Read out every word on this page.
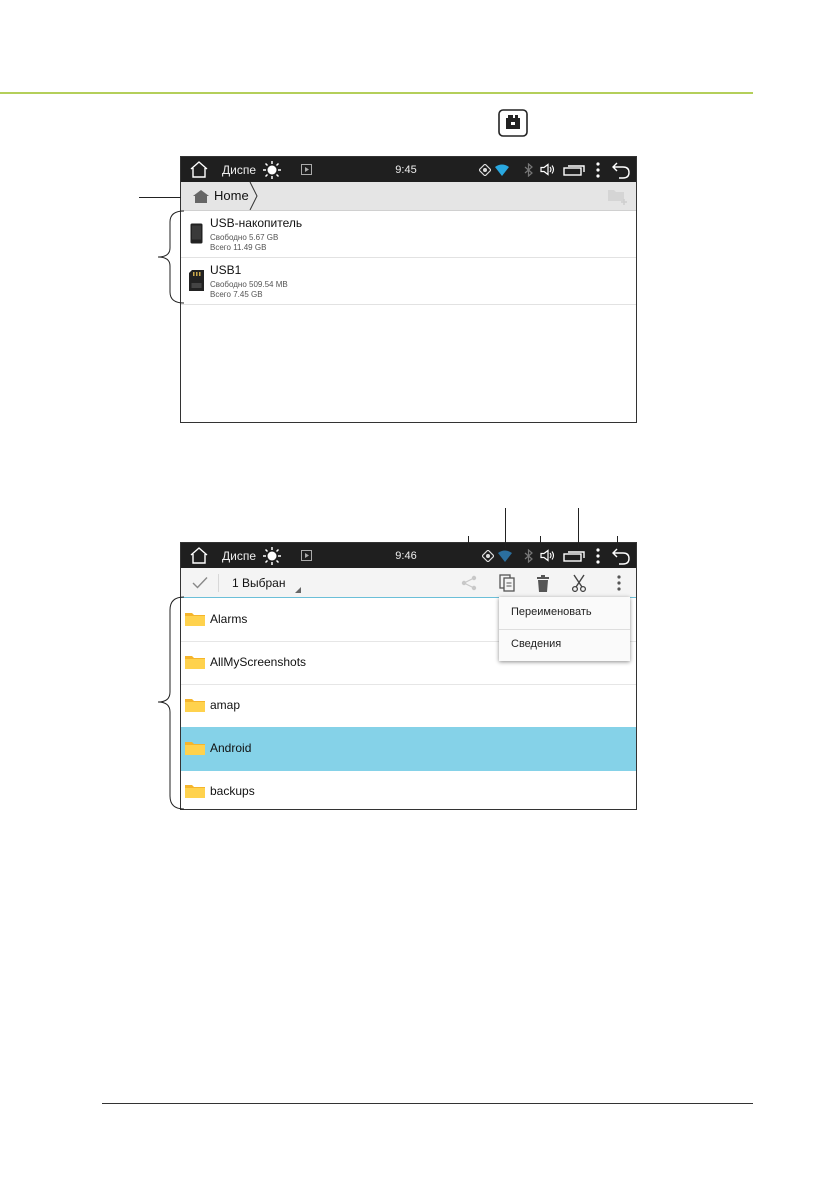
Диспе	9:45
Home
USB-накопитель
Свободно 5.67 GB
Всего 11.49 GB
USB1
Свободно 509.54 MB
Всего 7.45 GB
Диспе	9:46
1 Выбран
Alarms
AllMyScreenshots
amap
Android
backups
Переименовать
Сведения
